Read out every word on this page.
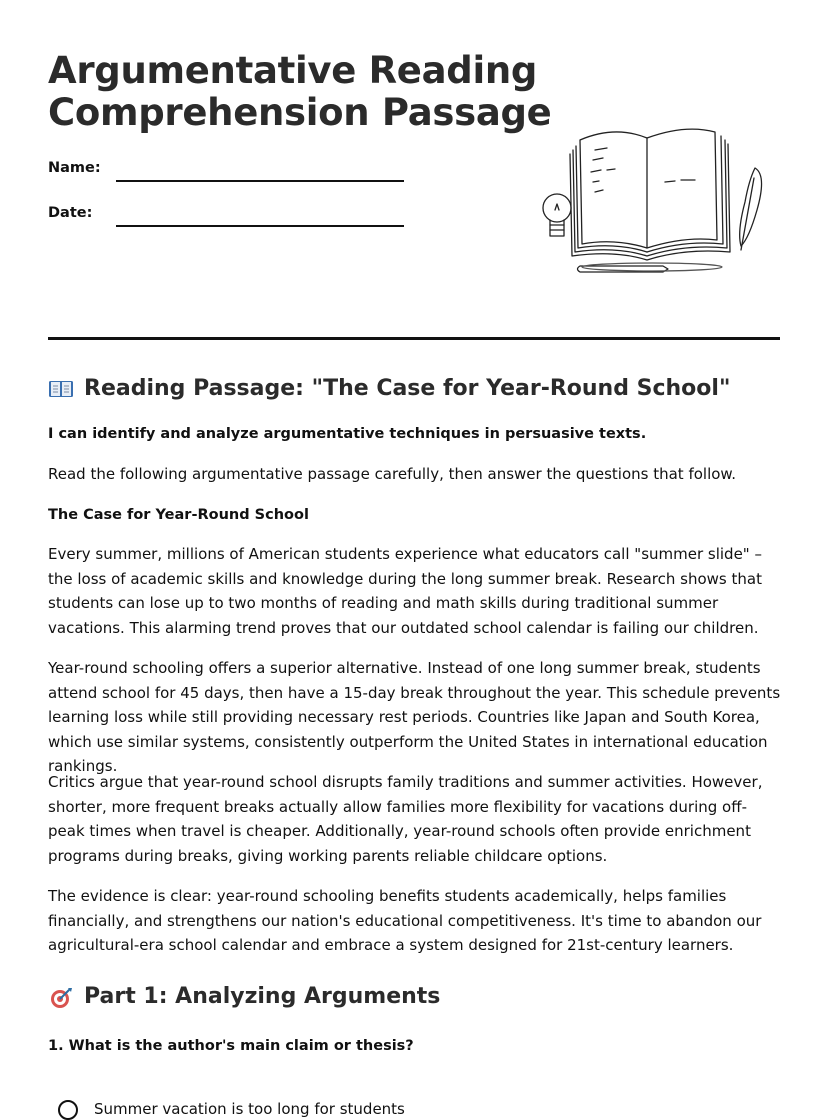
Argumentative Reading
Comprehension Passage
Name:
Date:
Reading Passage: "The Case for Year-Round School"

I can identify and analyze argumentative techniques in persuasive texts.

Read the following argumentative passage carefully, then answer the questions that follow.

The Case for Year-Round School

Every summer, millions of American students experience what educators call "summer slide" – the loss of academic skills and knowledge during the long summer break. Research shows that students can lose up to two months of reading and math skills during traditional summer vacations. This alarming trend proves that our outdated school calendar is failing our children.

Year-round schooling offers a superior alternative. Instead of one long summer break, students attend school for 45 days, then have a 15-day break throughout the year. This schedule prevents learning loss while still providing necessary rest periods. Countries like Japan and South Korea, which use similar systems, consistently outperform the United States in international education rankings.

Critics argue that year-round school disrupts family traditions and summer activities. However, shorter, more frequent breaks actually allow families more flexibility for vacations during off-peak times when travel is cheaper. Additionally, year-round schools often provide enrichment programs during breaks, giving working parents reliable childcare options.

The evidence is clear: year-round schooling benefits students academically, helps families financially, and strengthens our nation's educational competitiveness. It's time to abandon our agricultural-era school calendar and embrace a system designed for 21st-century learners.

Part 1: Analyzing Arguments

1. What is the author's main claim or thesis?

Summer vacation is too long for students
